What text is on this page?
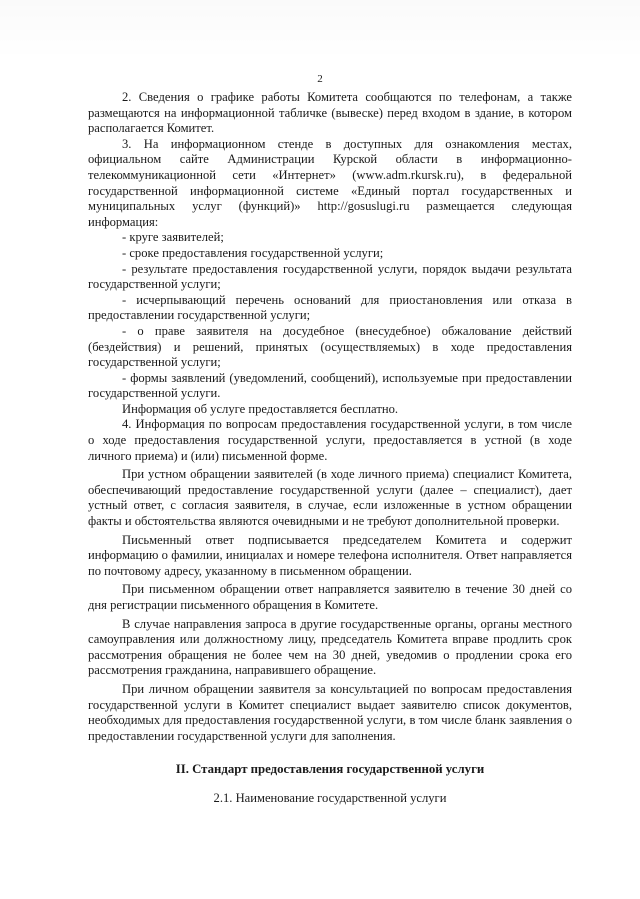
2

2. Сведения о графике работы Комитета сообщаются по телефонам, а также размещаются на информационной табличке (вывеске) перед входом в здание, в котором располагается Комитет.

3. На информационном стенде в доступных для ознакомления местах, официальном сайте Администрации Курской области в информационно-телекоммуникационной сети «Интернет» (www.adm.rkursk.ru), в федеральной государственной информационной системе «Единый портал государственных и муниципальных услуг (функций)» http://gosuslugi.ru размещается следующая информация:

- круге заявителей;

- сроке предоставления государственной услуги;

- результате предоставления государственной услуги, порядок выдачи результата государственной услуги;

- исчерпывающий перечень оснований для приостановления или отказа в предоставлении государственной услуги;

- о праве заявителя на досудебное (внесудебное) обжалование действий (бездействия) и решений, принятых (осуществляемых) в ходе предоставления государственной услуги;

- формы заявлений (уведомлений, сообщений), используемые при предоставлении государственной услуги.

Информация об услуге предоставляется бесплатно.

4. Информация по вопросам предоставления государственной услуги, в том числе о ходе предоставления государственной услуги, предоставляется в устной (в ходе личного приема) и (или) письменной форме.

При устном обращении заявителей (в ходе личного приема) специалист Комитета, обеспечивающий предоставление государственной услуги (далее – специалист), дает устный ответ, с согласия заявителя, в случае, если изложенные в устном обращении факты и обстоятельства являются очевидными и не требуют дополнительной проверки.

Письменный ответ подписывается председателем Комитета и содержит информацию о фамилии, инициалах и номере телефона исполнителя. Ответ направляется по почтовому адресу, указанному в письменном обращении.

При письменном обращении ответ направляется заявителю в течение 30 дней со дня регистрации письменного обращения в Комитете.

В случае направления запроса в другие государственные органы, органы местного самоуправления или должностному лицу, председатель Комитета вправе продлить срок рассмотрения обращения не более чем на 30 дней, уведомив о продлении срока его рассмотрения гражданина, направившего обращение.

При личном обращении заявителя за консультацией по вопросам предоставления государственной услуги в Комитет специалист выдает заявителю список документов, необходимых для предоставления государственной услуги, в том числе бланк заявления о предоставлении государственной услуги для заполнения.

II. Стандарт предоставления государственной услуги
2.1. Наименование государственной услуги
